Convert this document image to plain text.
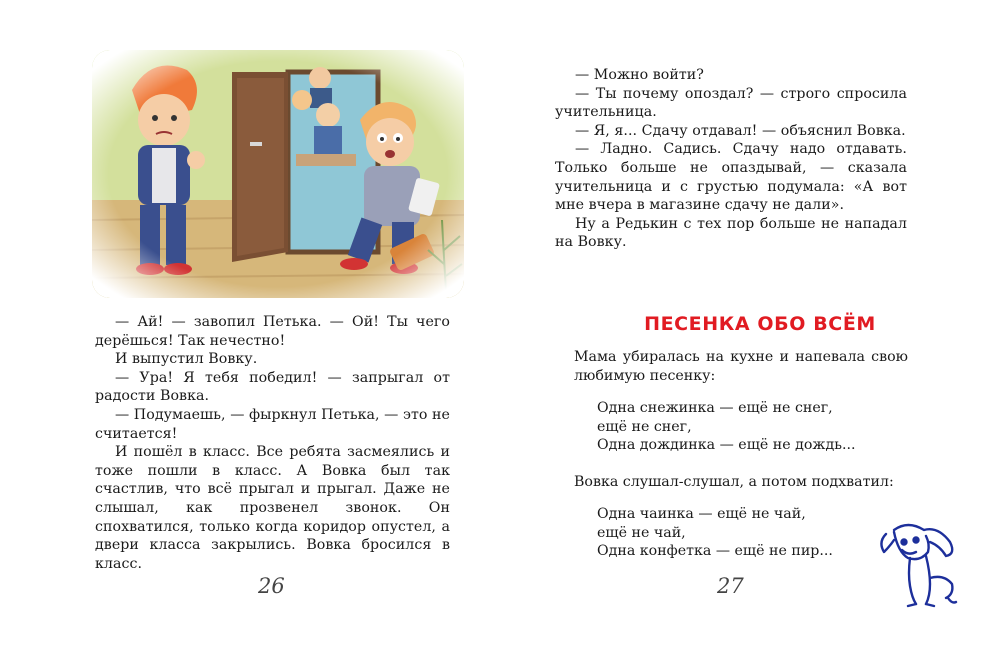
— Ай! — завопил Петька. — Ой! Ты чего дерёшься! Так нечестно!

И выпустил Вовку.

— Ура! Я тебя победил! — запрыгал от радости Вовка.

— Подумаешь, — фыркнул Петька, — это не считается!

И пошёл в класс. Все ребята засмеялись и тоже пошли в класс. А Вовка был так счастлив, что всё прыгал и прыгал. Даже не слышал, как прозвенел звонок. Он спохватился, только когда коридор опустел, а двери класса закрылись. Вовка бросился в класс.

26

— Можно войти?

— Ты почему опоздал? — строго спросила учительница.

— Я, я... Сдачу отдавал! — объяснил Вовка.

— Ладно. Садись. Сдачу надо отдавать. Только больше не опаздывай, — сказала учительница и с грустью подумала: «А вот мне вчера в магазине сдачу не дали».

Ну а Редькин с тех пор больше не нападал на Вовку.

ПЕСЕНКА ОБО ВСЁМ

Мама убиралась на кухне и напевала свою любимую песенку:

Одна снежинка — ещё не снег,
ещё не снег,
Одна дождинка — ещё не дождь...
Вовка слушал-слушал, а потом подхватил:
Одна чаинка — ещё не чай,
ещё не чай,
Одна конфетка — ещё не пир...
27
